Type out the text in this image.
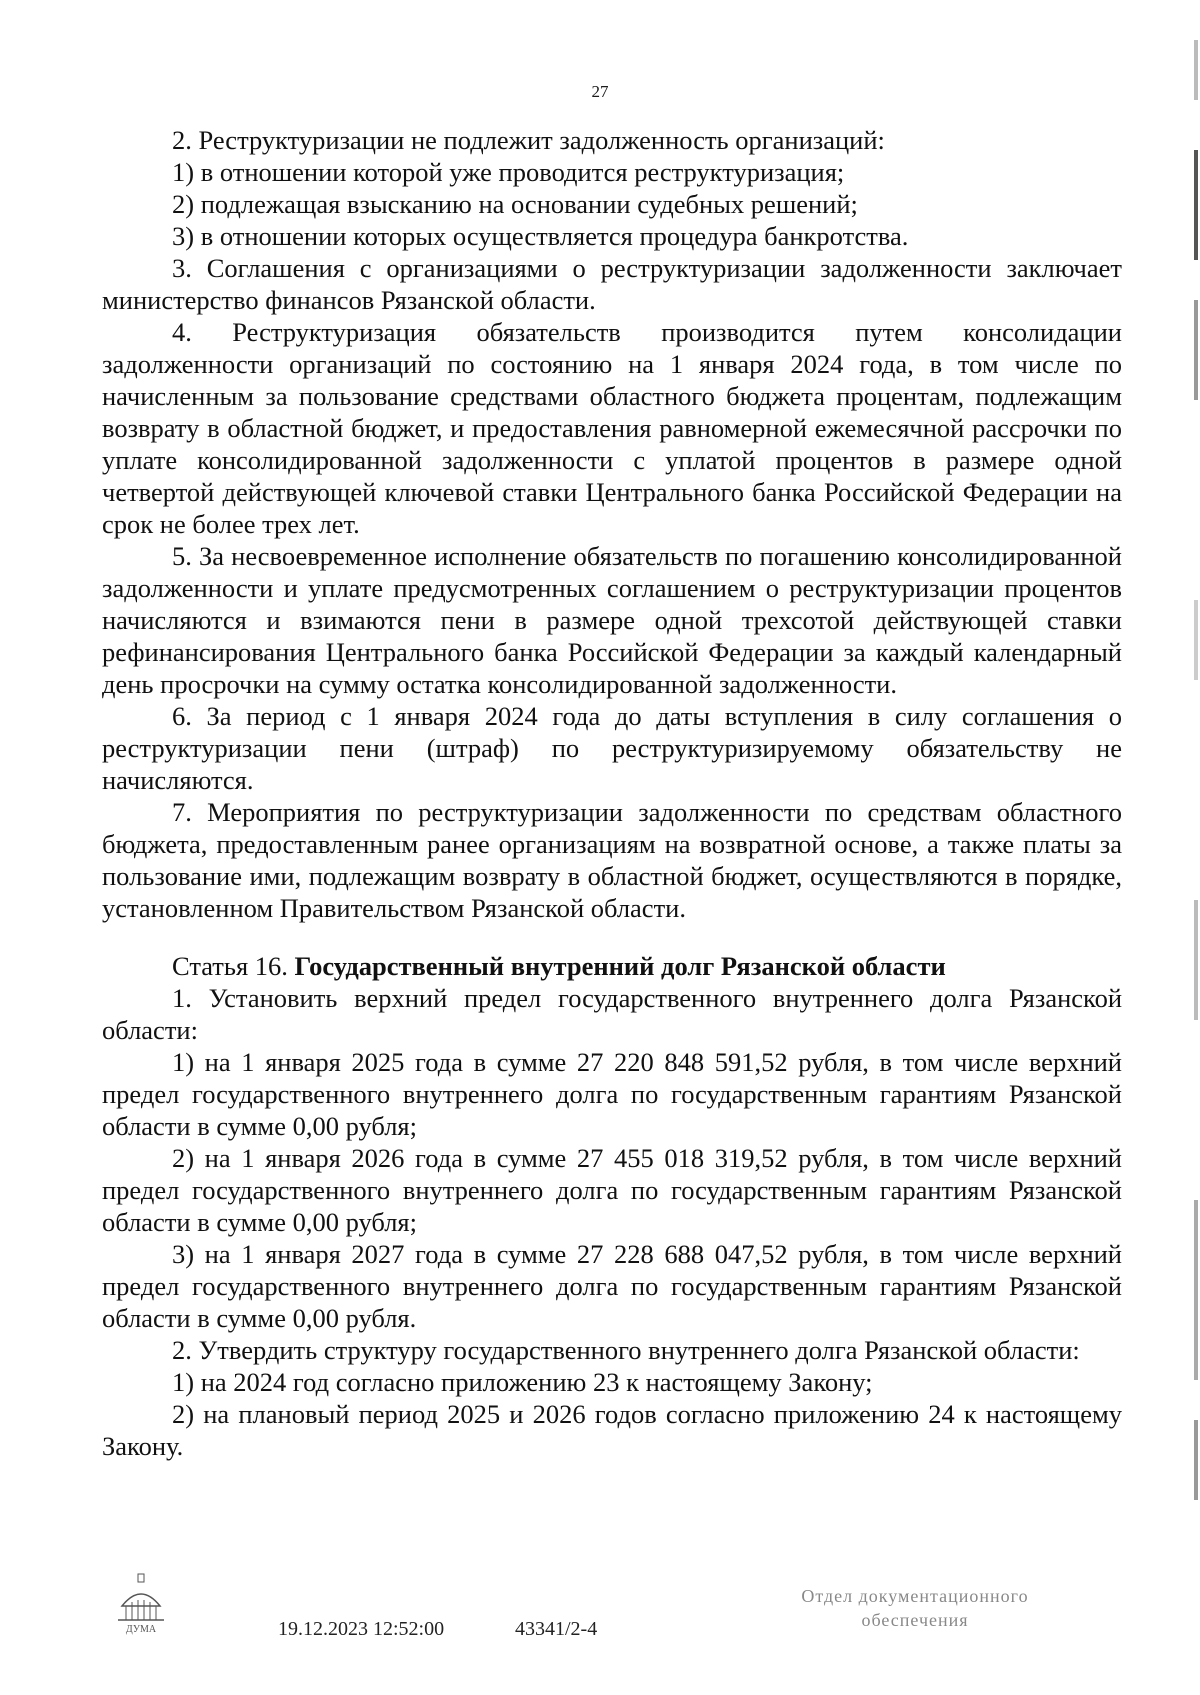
27

2. Реструктуризации не подлежит задолженность организаций:

1) в отношении которой уже проводится реструктуризация;

2) подлежащая взысканию на основании судебных решений;

3) в отношении которых осуществляется процедура банкротства.

3. Соглашения с организациями о реструктуризации задолженности заключает министерство финансов Рязанской области.

4. Реструктуризация обязательств производится путем консолидации задолженности организаций по состоянию на 1 января 2024 года, в том числе по начисленным за пользование средствами областного бюджета процентам, подлежащим возврату в областной бюджет, и предоставления равномерной ежемесячной рассрочки по уплате консолидированной задолженности с уплатой процентов в размере одной четвертой действующей ключевой ставки Центрального банка Российской Федерации на срок не более трех лет.

5. За несвоевременное исполнение обязательств по погашению консолидированной задолженности и уплате предусмотренных соглашением о реструктуризации процентов начисляются и взимаются пени в размере одной трехсотой действующей ставки рефинансирования Центрального банка Российской Федерации за каждый календарный день просрочки на сумму остатка консолидированной задолженности.

6. За период с 1 января 2024 года до даты вступления в силу соглашения о реструктуризации пени (штраф) по реструктуризируемому обязательству не начисляются.

7. Мероприятия по реструктуризации задолженности по средствам областного бюджета, предоставленным ранее организациям на возвратной основе, а также платы за пользование ими, подлежащим возврату в областной бюджет, осуществляются в порядке, установленном Правительством Рязанской области.

Статья 16. Государственный внутренний долг Рязанской области

1. Установить верхний предел государственного внутреннего долга Рязанской области:

1) на 1 января 2025 года в сумме 27 220 848 591,52 рубля, в том числе верхний предел государственного внутреннего долга по государственным гарантиям Рязанской области в сумме 0,00 рубля;

2) на 1 января 2026 года в сумме 27 455 018 319,52 рубля, в том числе верхний предел государственного внутреннего долга по государственным гарантиям Рязанской области в сумме 0,00 рубля;

3) на 1 января 2027 года в сумме 27 228 688 047,52 рубля, в том числе верхний предел государственного внутреннего долга по государственным гарантиям Рязанской области в сумме 0,00 рубля.

2. Утвердить структуру государственного внутреннего долга Рязанской области:

1) на 2024 год согласно приложению 23 к настоящему Закону;

2) на плановый период 2025 и 2026 годов согласно приложению 24 к настоящему Закону.

ДУМА	19.12.2023 12:52:00	43341/2-4
Отдел документационного
обеспечения
